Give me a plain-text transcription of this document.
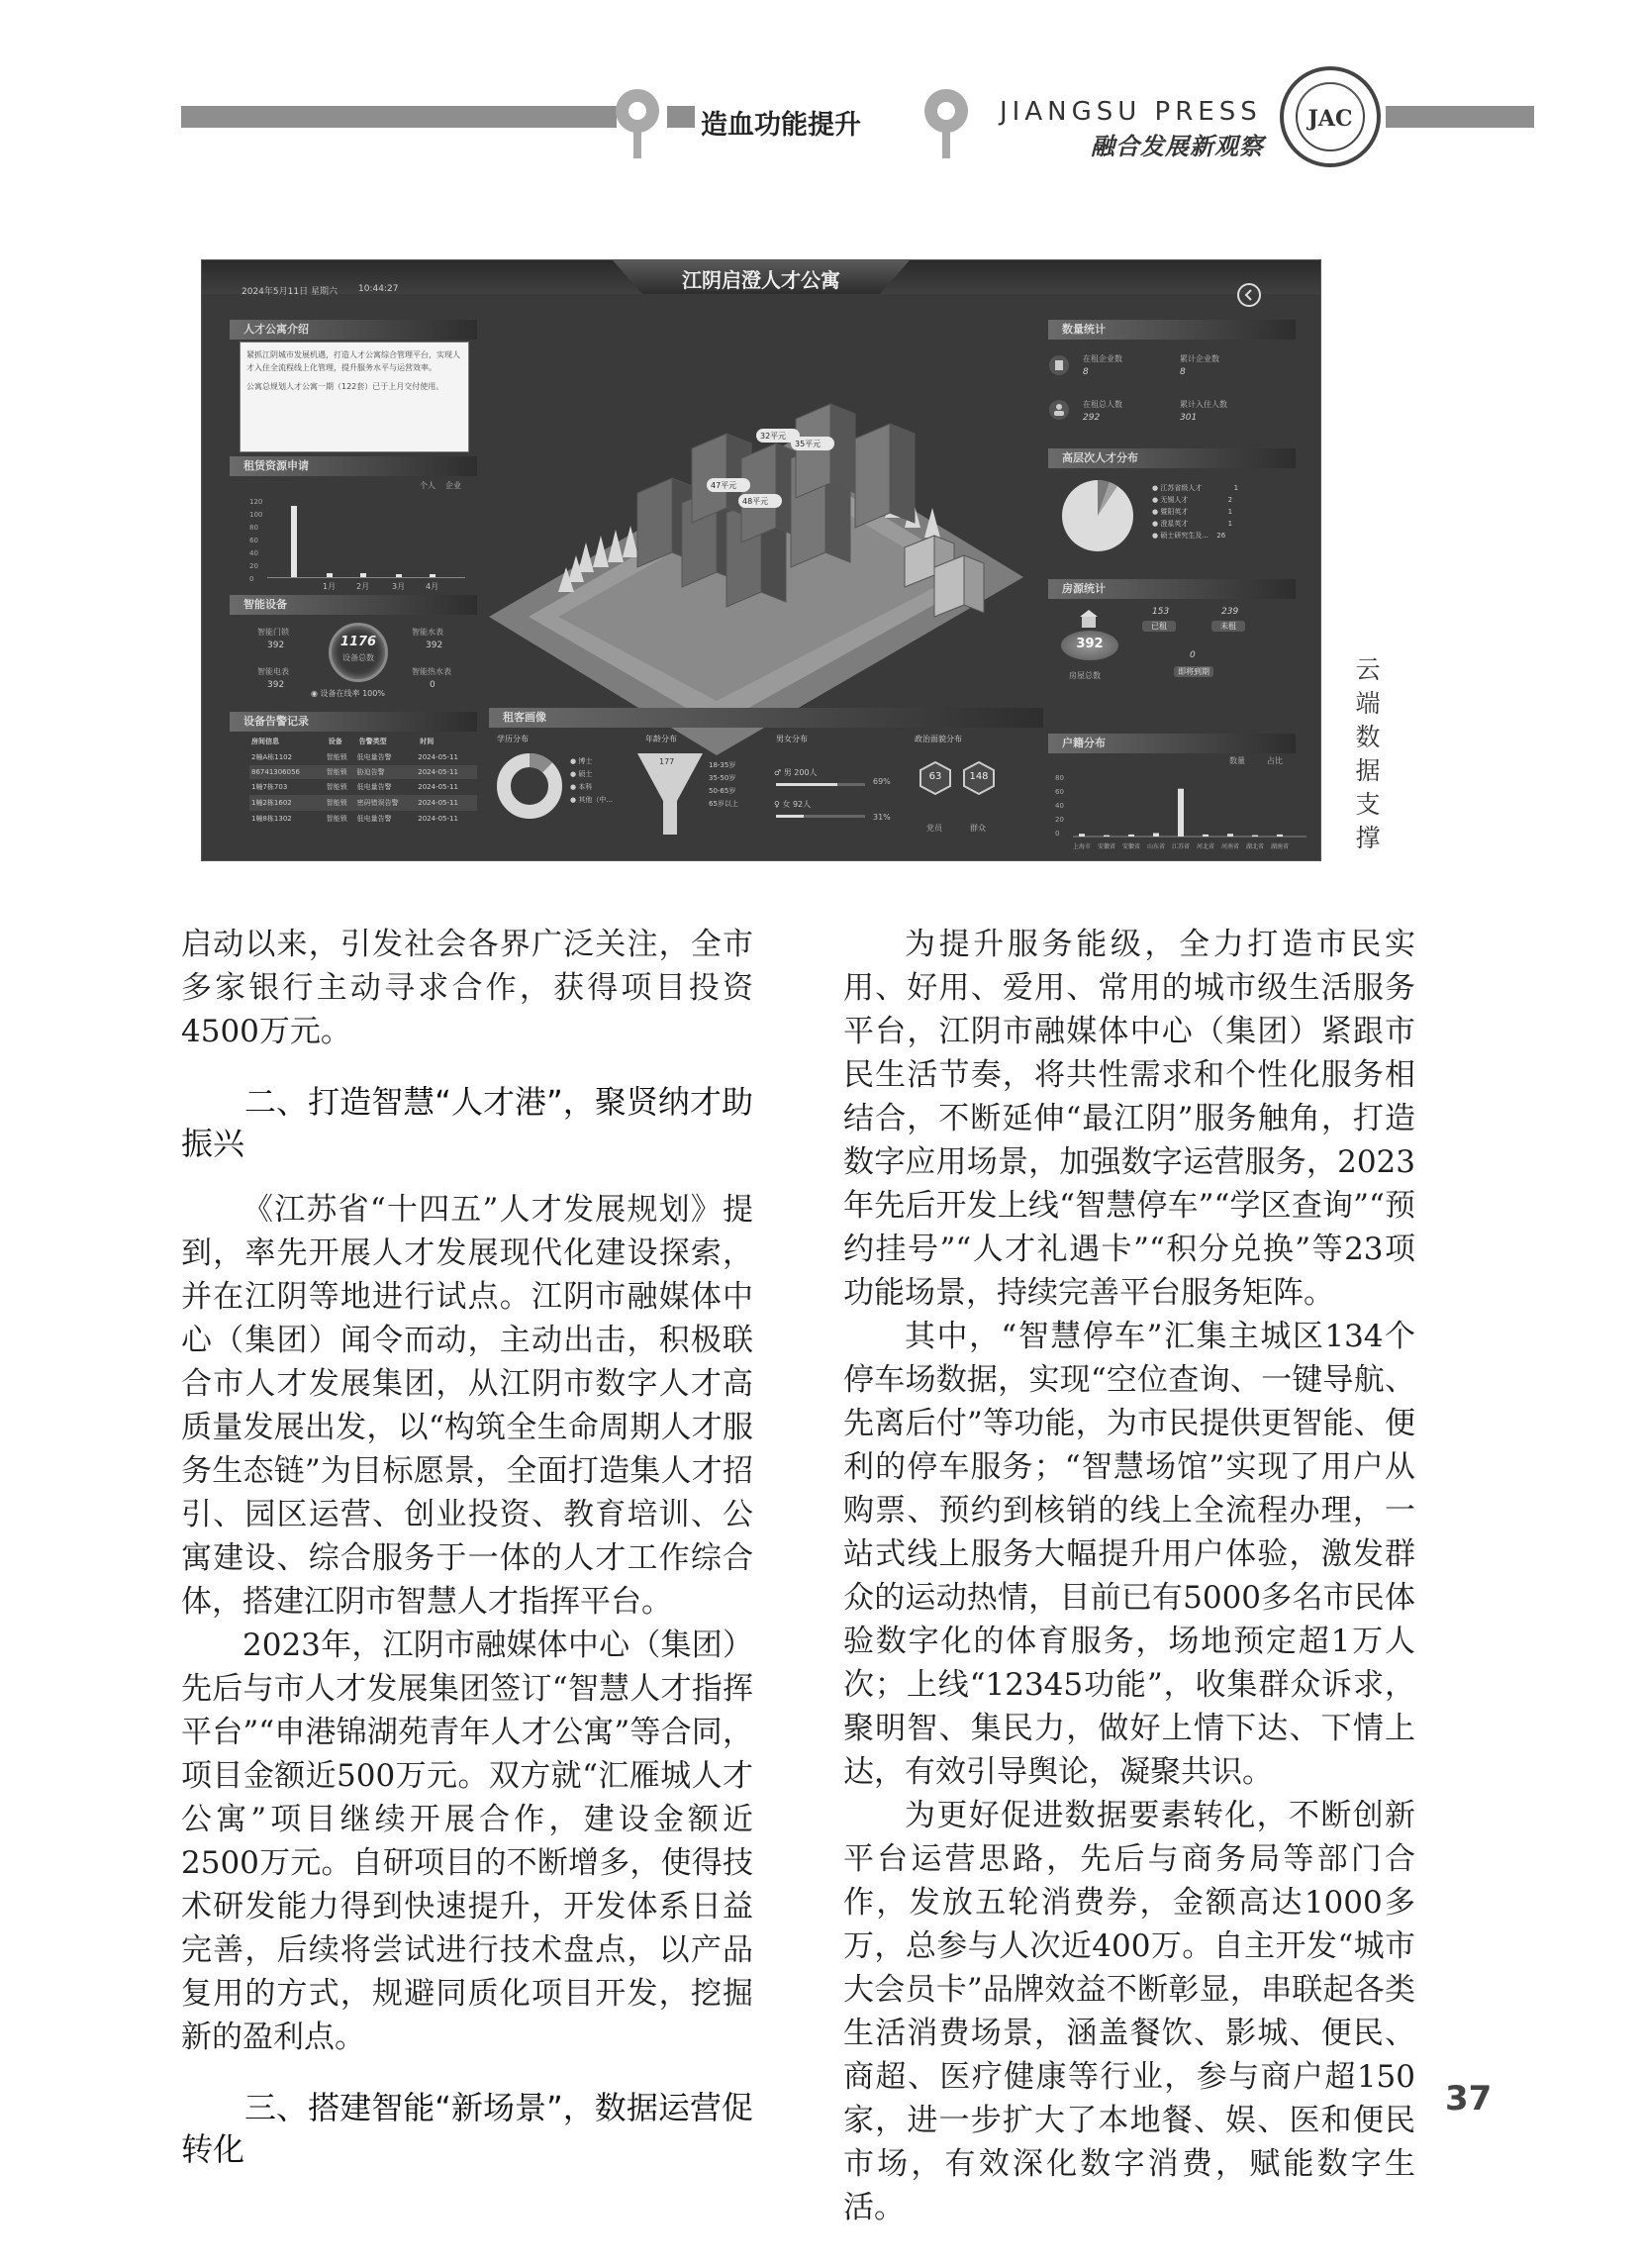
造血功能提升	JIANGSU PRESS
融合发展新观察
JAC
江阴启澄人才公寓
2024年5月11日 星期六 10:44:27
人才公寓介绍
紧抓江阴城市发展机遇，打造人才公寓综合管理平台，实现人才入住全流程线上化管理，提升服务水平与运营效率。
公寓总规划人才公寓一期（122套）已于上月交付使用。
租赁资源申请
个人 企业
120
100
80
60
40
20
0
1月	2月	3月	4月
智能设备
智能门锁
392
智能水表
392
智能电表
392
智能热水表
0
1176
设备总数
◉ 设备在线率 100%
设备告警记录
房间信息	设备	告警类型	时间
2幢A栋1102	智能锁	低电量告警	2024-05-11
86741306056	智能锁	胁迫告警	2024-05-11
1幢7栋703	智能锁	低电量告警	2024-05-11
1幢2栋1602	智能锁	密码错误告警	2024-05-11
1幢8栋1302	智能锁	低电量告警	2024-05-11
32平元
35平元
47平元
48平元
数量统计
在租企业数
8
累计企业数
8
在租总人数
292
累计入住人数
301
高层次人才分布
● 江苏省级人才	1
● 无锡人才	2
● 暨阳英才	1
● 澄星英才	1
● 硕士研究生及... 26
房源统计
392
房屋总数
153
已租
239
未租
0
即将到期
租客画像
学历分布
● 博士
● 硕士
● 本科
● 其他（中...
年龄分布
177	18-35岁
35-50岁
50-65岁
65岁以上
男女分布
♂ 男 200人
69%
♀ 女 92人
31%
政治面貌分布
63
党员
148
群众
户籍分布
数量	占比
80
60
40
20
0
上海市 安徽省 安徽省 山东省 江苏省 河北省 河南省 湖北省 湖南省
云
端
数
据
支
撑

启动以来，引发社会各界广泛关注，全市多家银行主动寻求合作，获得项目投资4500万元。

二、打造智慧“人才港”，聚贤纳才助振兴

《江苏省“十四五”人才发展规划》提到，率先开展人才发展现代化建设探索，并在江阴等地进行试点。江阴市融媒体中心（集团）闻令而动，主动出击，积极联合市人才发展集团，从江阴市数字人才高质量发展出发，以“构筑全生命周期人才服务生态链”为目标愿景，全面打造集人才招引、园区运营、创业投资、教育培训、公寓建设、综合服务于一体的人才工作综合体，搭建江阴市智慧人才指挥平台。

2023年，江阴市融媒体中心（集团）先后与市人才发展集团签订“智慧人才指挥平台”“申港锦湖苑青年人才公寓”等合同，项目金额近500万元。双方就“汇雁城人才公寓”项目继续开展合作，建设金额近2500万元。自研项目的不断增多，使得技术研发能力得到快速提升，开发体系日益完善，后续将尝试进行技术盘点，以产品复用的方式，规避同质化项目开发，挖掘新的盈利点。

三、搭建智能“新场景”，数据运营促转化

为提升服务能级，全力打造市民实用、好用、爱用、常用的城市级生活服务平台，江阴市融媒体中心（集团）紧跟市民生活节奏，将共性需求和个性化服务相结合，不断延伸“最江阴”服务触角，打造数字应用场景，加强数字运营服务，2023年先后开发上线“智慧停车”“学区查询”“预约挂号”“人才礼遇卡”“积分兑换”等23项功能场景，持续完善平台服务矩阵。

其中，“智慧停车”汇集主城区134个停车场数据，实现“空位查询、一键导航、先离后付”等功能，为市民提供更智能、便利的停车服务；“智慧场馆”实现了用户从购票、预约到核销的线上全流程办理，一站式线上服务大幅提升用户体验，激发群众的运动热情，目前已有5000多名市民体验数字化的体育服务，场地预定超1万人次；上线“12345功能”，收集群众诉求，聚明智、集民力，做好上情下达、下情上达，有效引导舆论，凝聚共识。

为更好促进数据要素转化，不断创新平台运营思路，先后与商务局等部门合作，发放五轮消费券，金额高达1000多万，总参与人次近400万。自主开发“城市大会员卡”品牌效益不断彰显，串联起各类生活消费场景，涵盖餐饮、影城、便民、商超、医疗健康等行业，参与商户超150家，进一步扩大了本地餐、娱、医和便民市场，有效深化数字消费，赋能数字生活。

37
